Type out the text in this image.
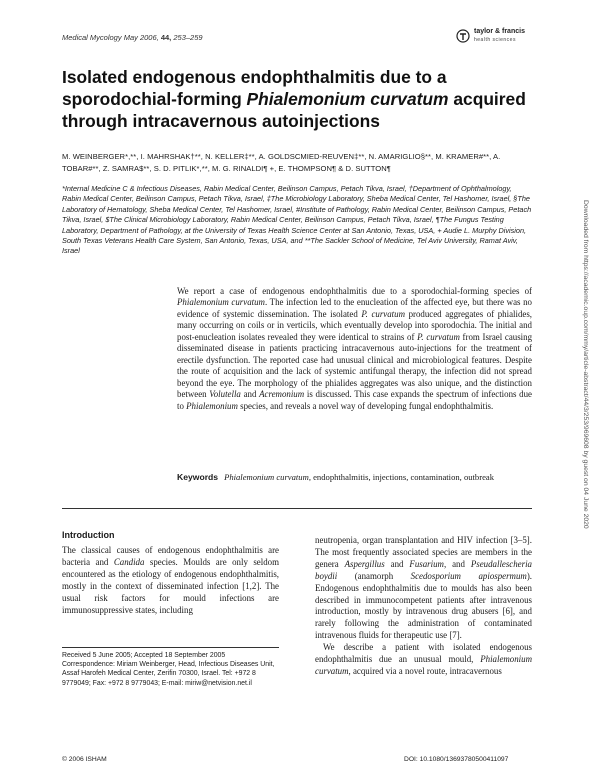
Medical Mycology May 2006, 44, 253–259
taylor & francis
health sciences
Isolated endogenous endophthalmitis due to a
sporodochial-forming Phialemonium curvatum acquired
through intracavernous autoinjections
M. WEINBERGER*,**, I. MAHRSHAK†**, N. KELLER‡**, A. GOLDSCMIED-REUVEN‡**, N. AMARIGLIO§**, M. KRAMER#**, A. TOBAR#**, Z. SAMRA$**, S. D. PITLIK*,**, M. G. RINALDI¶ +, E. THOMPSON¶ & D. SUTTON¶
*Internal Medicine C & Infectious Diseases, Rabin Medical Center, Beilinson Campus, Petach Tikva, Israel, †Department of Ophthalmology, Rabin Medical Center, Beilinson Campus, Petach Tikva, Israel, ‡The Microbiology Laboratory, Sheba Medical Center, Tel Hashomer, Israel, §The Laboratory of Hematology, Sheba Medical Center, Tel Hashomer, Israel, #Institute of Pathology, Rabin Medical Center, Beilinson Campus, Petach Tikva, Israel, $The Clinical Microbiology Laboratory, Rabin Medical Center, Beilinson Campus, Petach Tikva, Israel, ¶The Fungus Testing Laboratory, Department of Pathology, at the University of Texas Health Science Center at San Antonio, Texas, USA, + Audie L. Murphy Division, South Texas Veterans Health Care System, San Antonio, Texas, USA, and **The Sackler School of Medicine, Tel Aviv University, Ramat Aviv, Israel
We report a case of endogenous endophthalmitis due to a sporodochial-forming species of Phialemonium curvatum. The infection led to the enucleation of the affected eye, but there was no evidence of systemic dissemination. The isolated P. curvatum produced aggregates of phialides, many occurring on coils or in verticils, which eventually develop into sporodochia. The initial and post-enucleation isolates revealed they were identical to strains of P. curvatum from Israel causing disseminated disease in patients practicing intracavernous auto-injections for the treatment of erectile dysfunction. The reported case had unusual clinical and microbiological features. Despite the route of acquisition and the lack of systemic antifungal therapy, the infection did not spread beyond the eye. The morphology of the phialides aggregates was also unique, and the distinction between Volutella and Acremonium is discussed. This case expands the spectrum of infections due to Phialemonium species, and reveals a novel way of developing fungal endophthalmitis.
Keywords Phialemonium curvatum, endophthalmitis, injections, contamination, outbreak
Introduction

The classical causes of endogenous endophthalmitis are bacteria and Candida species. Moulds are only seldom encountered as the etiology of endogenous endophthalmitis, mostly in the context of disseminated infection [1,2]. The usual risk factors for mould infections are immunosuppressive states, including

neutropenia, organ transplantation and HIV infection [3–5]. The most frequently associated species are members in the genera Aspergillus and Fusarium, and Pseudallescheria boydii (anamorph Scedosporium apiospermum). Endogenous endophthalmitis due to moulds has also been described in immunocompetent patients after intravenous introduction, mostly by intravenous drug abusers [6], and rarely following the administration of contaminated intravenous fluids for therapeutic use [7].

We describe a patient with isolated endogenous endophthalmitis due an unusual mould, Phialemonium curvatum, acquired via a novel route, intracavernous

Received 5 June 2005; Accepted 18 September 2005
Correspondence: Miriam Weinberger, Head, Infectious Diseases Unit, Assaf Harofeh Medical Center, Zerifin 70300, Israel. Tel: +972 8 9779049; Fax: +972 8 9779043; E-mail: miriw@netvision.net.il
© 2006 ISHAM	DOI: 10.1080/13693780500411097
Downloaded from https://academic.oup.com/mmy/article-abstract/44/3/253/969608 by guest on 04 June 2020
